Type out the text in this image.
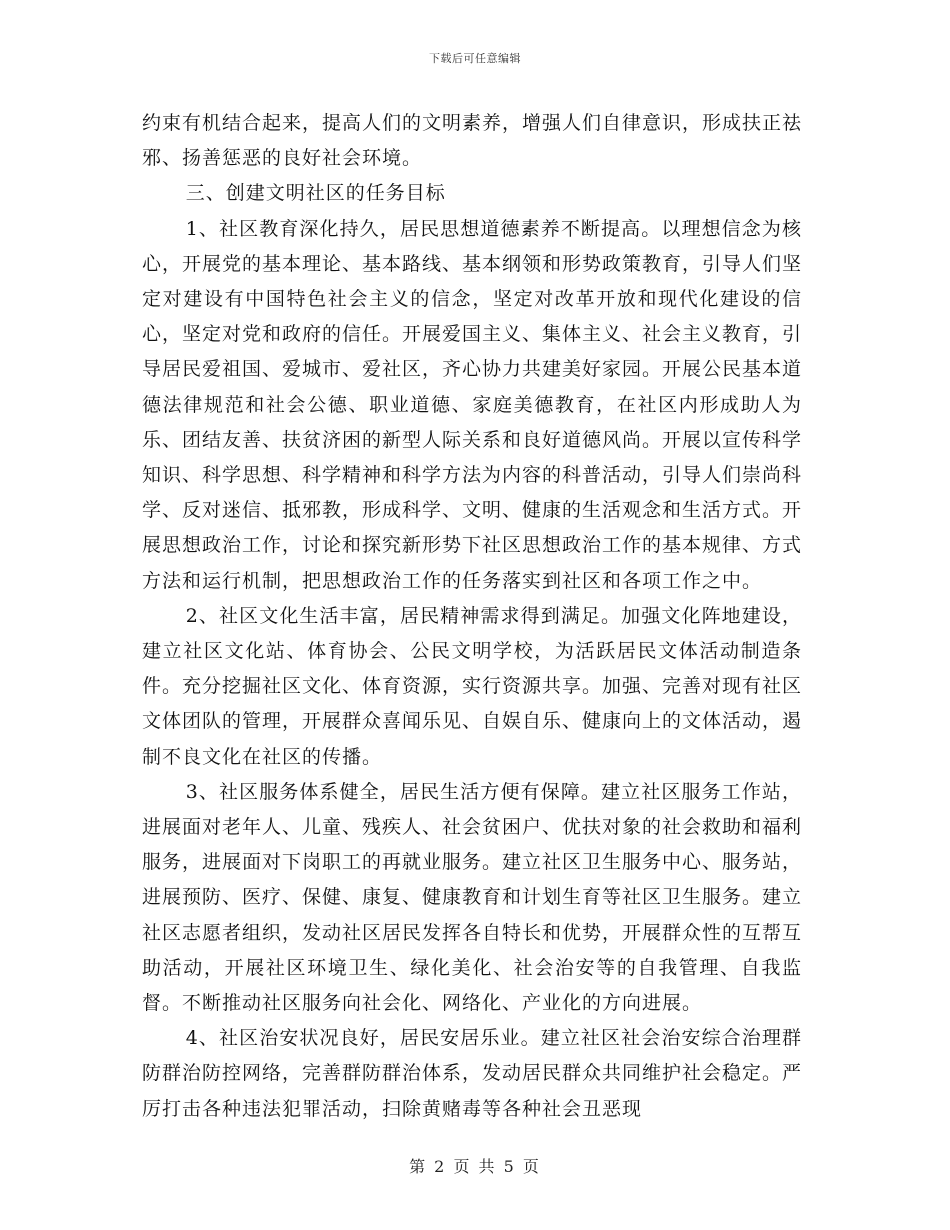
下载后可任意编辑

约束有机结合起来，提高人们的文明素养，增强人们自律意识，形成扶正祛邪、扬善惩恶的良好社会环境。

三、创建文明社区的任务目标

1、社区教育深化持久，居民思想道德素养不断提高。以理想信念为核心，开展党的基本理论、基本路线、基本纲领和形势政策教育，引导人们坚定对建设有中国特色社会主义的信念，坚定对改革开放和现代化建设的信心，坚定对党和政府的信任。开展爱国主义、集体主义、社会主义教育，引导居民爱祖国、爱城市、爱社区，齐心协力共建美好家园。开展公民基本道德法律规范和社会公德、职业道德、家庭美德教育，在社区内形成助人为乐、团结友善、扶贫济困的新型人际关系和良好道德风尚。开展以宣传科学知识、科学思想、科学精神和科学方法为内容的科普活动，引导人们崇尚科学、反对迷信、抵邪教，形成科学、文明、健康的生活观念和生活方式。开展思想政治工作，讨论和探究新形势下社区思想政治工作的基本规律、方式方法和运行机制，把思想政治工作的任务落实到社区和各项工作之中。

2、社区文化生活丰富，居民精神需求得到满足。加强文化阵地建设，建立社区文化站、体育协会、公民文明学校，为活跃居民文体活动制造条件。充分挖掘社区文化、体育资源，实行资源共享。加强、完善对现有社区文体团队的管理，开展群众喜闻乐见、自娱自乐、健康向上的文体活动，遏制不良文化在社区的传播。

3、社区服务体系健全，居民生活方便有保障。建立社区服务工作站，进展面对老年人、儿童、残疾人、社会贫困户、优扶对象的社会救助和福利服务，进展面对下岗职工的再就业服务。建立社区卫生服务中心、服务站，进展预防、医疗、保健、康复、健康教育和计划生育等社区卫生服务。建立社区志愿者组织，发动社区居民发挥各自特长和优势，开展群众性的互帮互助活动，开展社区环境卫生、绿化美化、社会治安等的自我管理、自我监督。不断推动社区服务向社会化、网络化、产业化的方向进展。

4、社区治安状况良好，居民安居乐业。建立社区社会治安综合治理群防群治防控网络，完善群防群治体系，发动居民群众共同维护社会稳定。严厉打击各种违法犯罪活动，扫除黄赌毒等各种社会丑恶现

第 2 页 共 5 页
